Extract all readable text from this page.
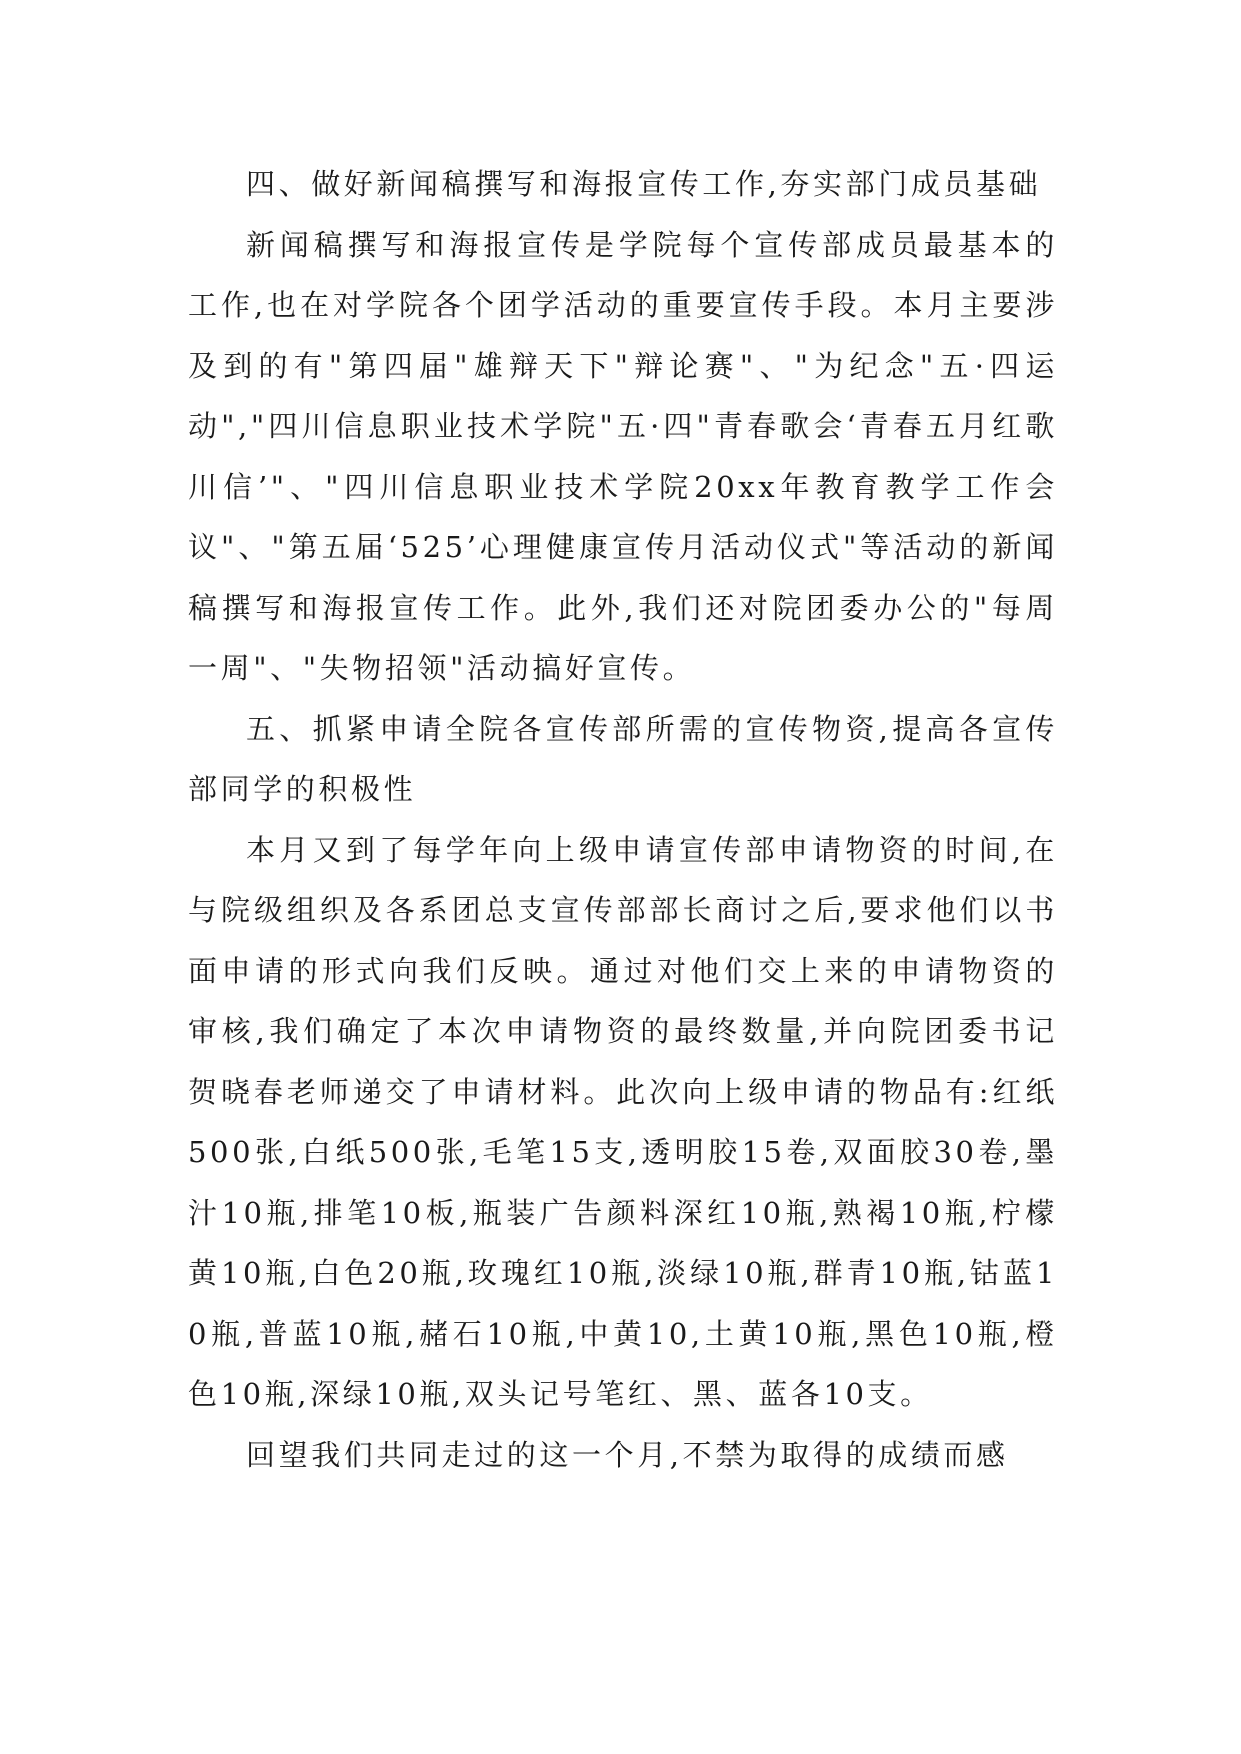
四、做好新闻稿撰写和海报宣传工作,夯实部门成员基础

新闻稿撰写和海报宣传是学院每个宣传部成员最基本的工作,也在对学院各个团学活动的重要宣传手段。本月主要涉及到的有"第四届"雄辩天下"辩论赛"、"为纪念"五·四运动","四川信息职业技术学院"五·四"青春歌会‘青春五月红歌川信’"、"四川信息职业技术学院20xx年教育教学工作会议"、"第五届‘525’心理健康宣传月活动仪式"等活动的新闻稿撰写和海报宣传工作。此外,我们还对院团委办公的"每周一周"、"失物招领"活动搞好宣传。

五、抓紧申请全院各宣传部所需的宣传物资,提高各宣传部同学的积极性

本月又到了每学年向上级申请宣传部申请物资的时间,在与院级组织及各系团总支宣传部部长商讨之后,要求他们以书面申请的形式向我们反映。通过对他们交上来的申请物资的审核,我们确定了本次申请物资的最终数量,并向院团委书记贺晓春老师递交了申请材料。此次向上级申请的物品有:红纸500张,白纸500张,毛笔15支,透明胶15卷,双面胶30卷,墨汁10瓶,排笔10板,瓶装广告颜料深红10瓶,熟褐10瓶,柠檬黄10瓶,白色20瓶,玫瑰红10瓶,淡绿10瓶,群青10瓶,钴蓝10瓶,普蓝10瓶,赭石10瓶,中黄10,土黄10瓶,黑色10瓶,橙色10瓶,深绿10瓶,双头记号笔红、黑、蓝各10支。

回望我们共同走过的这一个月,不禁为取得的成绩而感
